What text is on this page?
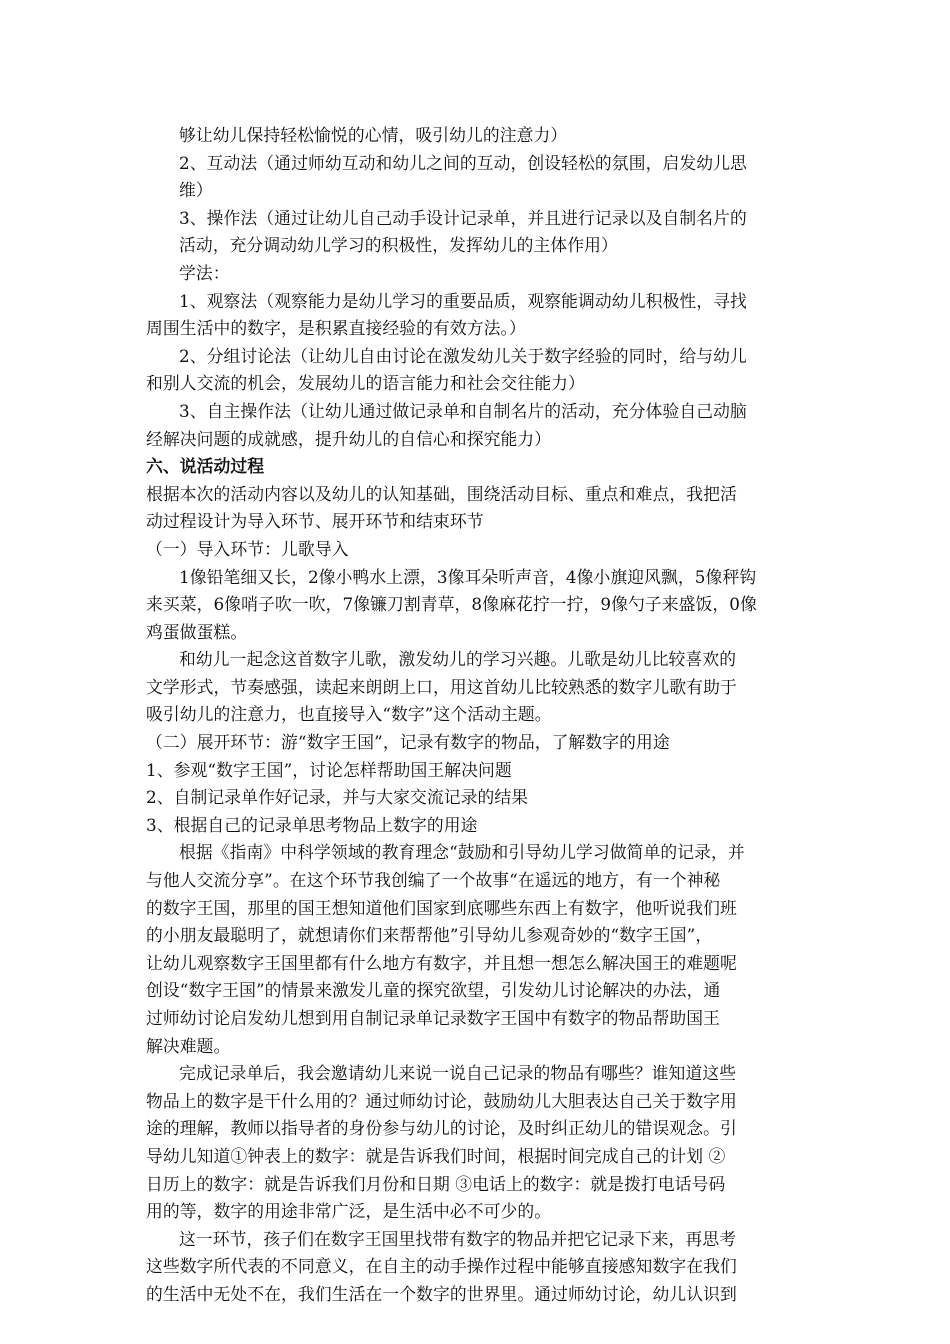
够让幼儿保持轻松愉悦的心情，吸引幼儿的注意力）
2、互动法（通过师幼互动和幼儿之间的互动，创设轻松的氛围，启发幼儿思
维）
3、操作法（通过让幼儿自己动手设计记录单，并且进行记录以及自制名片的
活动，充分调动幼儿学习的积极性，发挥幼儿的主体作用）
学法：
1、观察法（观察能力是幼儿学习的重要品质，观察能调动幼儿积极性，寻找
周围生活中的数字，是积累直接经验的有效方法。）
2、分组讨论法（让幼儿自由讨论在激发幼儿关于数字经验的同时，给与幼儿
和别人交流的机会，发展幼儿的语言能力和社会交往能力）
3、自主操作法（让幼儿通过做记录单和自制名片的活动，充分体验自己动脑
经解决问题的成就感，提升幼儿的自信心和探究能力）
六、说活动过程
根据本次的活动内容以及幼儿的认知基础，围绕活动目标、重点和难点，我把活
动过程设计为导入环节、展开环节和结束环节
（一）导入环节：儿歌导入
1像铅笔细又长，2像小鸭水上漂，3像耳朵听声音，4像小旗迎风飘，5像秤钩
来买菜，6像哨子吹一吹，7像镰刀割青草，8像麻花拧一拧，9像勺子来盛饭，0像
鸡蛋做蛋糕。
和幼儿一起念这首数字儿歌，激发幼儿的学习兴趣。儿歌是幼儿比较喜欢的
文学形式，节奏感强，读起来朗朗上口，用这首幼儿比较熟悉的数字儿歌有助于
吸引幼儿的注意力，也直接导入“数字”这个活动主题。
（二）展开环节：游“数字王国”，记录有数字的物品，了解数字的用途
1、参观“数字王国”，讨论怎样帮助国王解决问题
2、自制记录单作好记录，并与大家交流记录的结果
3、根据自己的记录单思考物品上数字的用途
根据《指南》中科学领域的教育理念“鼓励和引导幼儿学习做简单的记录，并
与他人交流分享”。在这个环节我创编了一个故事“在遥远的地方，有一个神秘
的数字王国，那里的国王想知道他们国家到底哪些东西上有数字，他听说我们班
的小朋友最聪明了，就想请你们来帮帮他”引导幼儿参观奇妙的“数字王国”，
让幼儿观察数字王国里都有什么地方有数字，并且想一想怎么解决国王的难题呢
创设“数字王国”的情景来激发儿童的探究欲望，引发幼儿讨论解决的办法，通
过师幼讨论启发幼儿想到用自制记录单记录数字王国中有数字的物品帮助国王
解决难题。
完成记录单后，我会邀请幼儿来说一说自己记录的物品有哪些？谁知道这些
物品上的数字是干什么用的？通过师幼讨论，鼓励幼儿大胆表达自己关于数字用
途的理解，教师以指导者的身份参与幼儿的讨论，及时纠正幼儿的错误观念。引
导幼儿知道①钟表上的数字：就是告诉我们时间，根据时间完成自己的计划 ②
日历上的数字：就是告诉我们月份和日期 ③电话上的数字：就是拨打电话号码
用的等，数字的用途非常广泛，是生活中必不可少的。
这一环节，孩子们在数字王国里找带有数字的物品并把它记录下来，再思考
这些数字所代表的不同意义，在自主的动手操作过程中能够直接感知数字在我们
的生活中无处不在，我们生活在一个数字的世界里。通过师幼讨论，幼儿认识到
